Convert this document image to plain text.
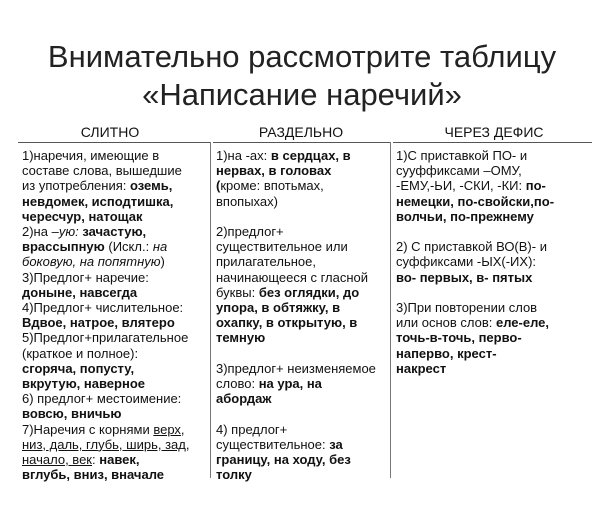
Внимательно рассмотрите таблицу
«Написание наречий»
СЛИТНО	РАЗДЕЛЬНО	ЧЕРЕЗ ДЕФИС

1)наречия, имеющие в

составе слова, вышедшие

из употребления: оземь,

невдомек, исподтишка,

чересчур, натощак

2)на –ую: зачастую,

врассыпную (Искл.: на

боковую, на попятную)

3)Предлог+ наречие:

доныне, навсегда

4)Предлог+ числительное:

Вдвое, натрое, влятеро

5)Предлог+прилагательное

(краткое и полное):

сгоряча, попусту,

вкрутую, наверное

6) предлог+ местоимение:

вовсю, вничью

7)Наречия с корнями верх,

низ, даль, глубь, ширь, зад,

начало, век: навек,

вглубь, вниз, вначале

1)на -ах: в сердцах, в

нервах, в головах

(кроме: впотьмах,

впопыхах)

2)предлог+

существительное или

прилагательное,

начинающееся с гласной

буквы: без оглядки, до

упора, в обтяжку, в

охапку, в открытую, в

темную

3)предлог+ неизменяемое

слово: на ура, на

абордаж

4) предлог+

существительное: за

границу, на ходу, без

толку

1)С приставкой ПО- и

сууффиксами –ОМУ,

-ЕМУ,-ЬИ, -СКИ, -КИ: по-

немецки, по-свойски,по-

волчьи, по-прежнему

2) С приставкой ВО(В)- и

суффиксами -ЫХ(-ИХ):

во- первых, в- пятых

3)При повторении слов

или основ слов: еле-еле,

точь-в-точь, перво-

наперво, крест-

накрест
